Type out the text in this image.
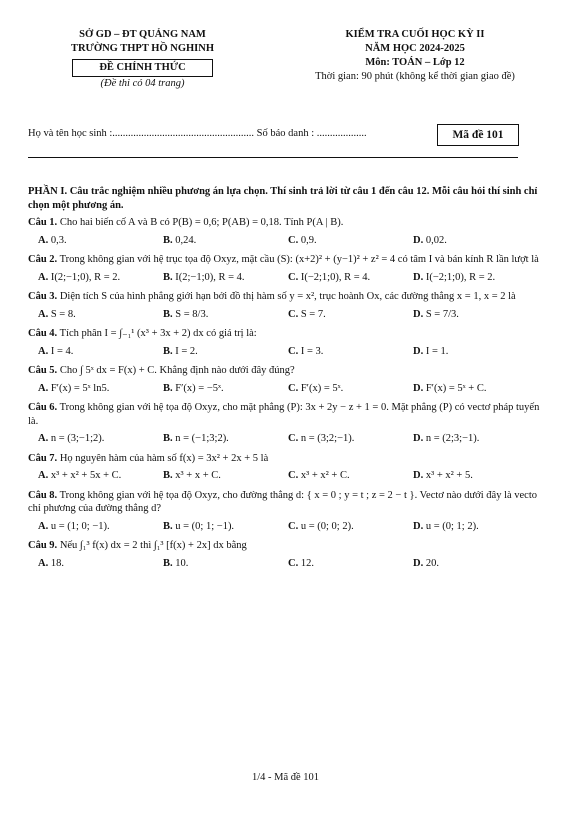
SỞ GD – ĐT QUẢNG NAM
TRƯỜNG THPT HỒ NGHINH
ĐỀ CHÍNH THỨC
(Đề thi có 04 trang)
KIỂM TRA CUỐI HỌC KỲ II
NĂM HỌC 2024-2025
Môn: TOÁN – Lớp 12
Thời gian: 90 phút (không kể thời gian giao đề)
Họ và tên học sinh :...................................................... Số báo danh : ...................	Mã đề 101
PHẦN I. Câu trắc nghiệm nhiều phương án lựa chọn. Thí sinh trả lời từ câu 1 đến câu 12. Mỗi câu hỏi thí sinh chỉ chọn một phương án.
Câu 1. Cho hai biến cố A và B có P(B) = 0,6; P(AB) = 0,18. Tính P(A | B).
A. 0,3.	B. 0,24.	C. 0,9.	D. 0,02.
Câu 2. Trong không gian với hệ trục tọa độ Oxyz, mặt cầu (S): (x+2)² + (y−1)² + z² = 4 có tâm I và bán kính R lần lượt là
A. I(2;−1;0), R = 2.	B. I(2;−1;0), R = 4.	C. I(−2;1;0), R = 4.	D. I(−2;1;0), R = 2.
Câu 3. Diện tích S của hình phẳng giới hạn bởi đồ thị hàm số y = x², trục hoành Ox, các đường thẳng x = 1, x = 2 là
A. S = 8.	B. S = 8/3.	C. S = 7.	D. S = 7/3.
Câu 4. Tích phân I = ∫₋₁¹ (x³ + 3x + 2) dx có giá trị là:
A. I = 4.	B. I = 2.	C. I = 3.	D. I = 1.
Câu 5. Cho ∫ 5ˣ dx = F(x) + C. Khẳng định nào dưới đây đúng?
A. F′(x) = 5ˣ ln5.	B. F′(x) = −5ˣ.	C. F′(x) = 5ˣ.	D. F′(x) = 5ˣ + C.
Câu 6. Trong không gian với hệ tọa độ Oxyz, cho mặt phẳng (P): 3x + 2y − z + 1 = 0. Mặt phẳng (P) có vectơ pháp tuyến là.
A. n = (3;−1;2).	B. n = (−1;3;2).	C. n = (3;2;−1).	D. n = (2;3;−1).
Câu 7. Họ nguyên hàm của hàm số f(x) = 3x² + 2x + 5 là
A. x³ + x² + 5x + C.	B. x³ + x + C.	C. x³ + x² + C.	D. x³ + x² + 5.
Câu 8. Trong không gian với hệ tọa độ Oxyz, cho đường thẳng d: { x = 0 ; y = t ; z = 2 − t }. Vectơ nào dưới đây là vecto chỉ phương của đường thẳng d?
A. u = (1; 0; −1).	B. u = (0; 1; −1).	C. u = (0; 0; 2).	D. u = (0; 1; 2).
Câu 9. Nếu ∫₁³ f(x) dx = 2 thì ∫₁³ [f(x) + 2x] dx bằng
A. 18.	B. 10.	C. 12.	D. 20.
1/4 - Mã đề 101
